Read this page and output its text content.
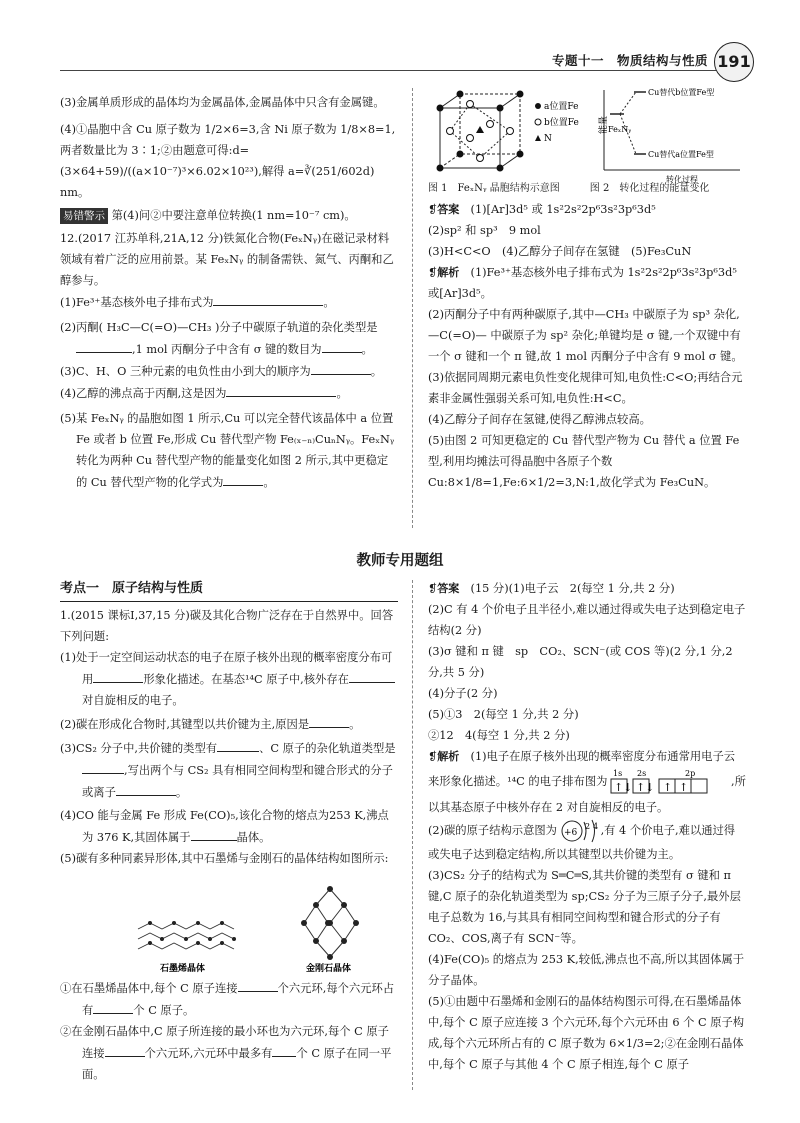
专题十一　物质结构与性质 191

(3)金属单质形成的晶体均为金属晶体,金属晶体中只含有金属键。

(4)①晶胞中含 Cu 原子数为 1/2×6=3,含 Ni 原子数为 1/8×8=1,两者数量比为 3∶1;②由题意可得:d=

(3×64+59)/((a×10⁻⁷)³×6.02×10²³),解得 a=∛(251/602d) nm。

易错警示 第(4)问②中要注意单位转换(1 nm=10⁻⁷ cm)。

12.(2017 江苏单科,21A,12 分)铁氮化合物(FeₓNᵧ)在磁记录材料领域有着广泛的应用前景。某 FeₓNᵧ 的制备需铁、氮气、丙酮和乙醇参与。

(1)Fe³⁺基态核外电子排布式为	。

(2)丙酮( H₃C—C(=O)—CH₃ )分子中碳原子轨道的杂化类型是,1 mol 丙酮分子中含有 σ 键的数目为	。

(3)C、H、O 三种元素的电负性由小到大的顺序为	。

(4)乙醇的沸点高于丙酮,这是因为	。

(5)某 FeₓNᵧ 的晶胞如图 1 所示,Cu 可以完全替代该晶体中 a 位置 Fe 或者 b 位置 Fe,形成 Cu 替代型产物 Fe₍ₓ₋ₙ₎CuₙNᵧ。FeₓNᵧ 转化为两种 Cu 替代型产物的能量变化如图 2 所示,其中更稳定的 Cu 替代型产物的化学式为	。

a位置Fe
b位置Fe
N
能量 FeₓNᵧ
Cu替代b位置Fe型
Cu替代a位置Fe型
转化过程

图 1　FeₓNᵧ 晶胞结构示意图　　　	图 2　转化过程的能量变化

❡答案　 (1)[Ar]3d⁵ 或 1s²2s²2p⁶3s²3p⁶3d⁵

(2)sp² 和 sp³　9 mol

(3)H<C<O　(4)乙醇分子间存在氢键　(5)Fe₃CuN

❡解析　 (1)Fe³⁺基态核外电子排布式为 1s²2s²2p⁶3s²3p⁶3d⁵ 或[Ar]3d⁵。

(2)丙酮分子中有两种碳原子,其中—CH₃ 中碳原子为 sp³ 杂化,—C(=O)— 中碳原子为 sp² 杂化;单键均是 σ 键,一个双键中有一个 σ 键和一个 π 键,故 1 mol 丙酮分子中含有 9 mol σ 键。

(3)依据同周期元素电负性变化规律可知,电负性:C<O;再结合元素非金属性强弱关系可知,电负性:H<C。

(4)乙醇分子间存在氢键,使得乙醇沸点较高。

(5)由图 2 可知更稳定的 Cu 替代型产物为 Cu 替代 a 位置 Fe 型,利用均摊法可得晶胞中各原子个数 Cu:8×1/8=1,Fe:6×1/2=3,N:1,故化学式为 Fe₃CuN。

教师专用题组
考点一　原子结构与性质

1.(2015 课标Ⅰ,37,15 分)碳及其化合物广泛存在于自然界中。回答下列问题:

(1)处于一定空间运动状态的电子在原子核外出现的概率密度分布可用	形象化描述。在基态¹⁴C 原子中,核外存在对自旋相反的电子。

(2)碳在形成化合物时,其键型以共价键为主,原因是	。

(3)CS₂ 分子中,共价键的类型有	、C 原子的杂化轨道类型是,写出两个与 CS₂ 具有相同空间构型和键合形式的分子或离子	。

(4)CO 能与金属 Fe 形成 Fe(CO)₅,该化合物的熔点为253 K,沸点为 376 K,其固体属于	晶体。

(5)碳有多种同素异形体,其中石墨烯与金刚石的晶体结构如图所示:

石墨烯晶体	金刚石晶体

①在石墨烯晶体中,每个 C 原子连接	个六元环,每个六元环占有	个 C 原子。

②在金刚石晶体中,C 原子所连接的最小环也为六元环,每个 C 原子连接	个六元环,六元环中最多有 个 C 原子在同一平面。

❡答案　 (15 分)(1)电子云　2(每空 1 分,共 2 分)

(2)C 有 4 个价电子且半径小,难以通过得或失电子达到稳定电子结构(2 分)

(3)σ 键和 π 键　sp　CO₂、SCN⁻(或 COS 等)(2 分,1 分,2 分,共 5 分)

(4)分子(2 分)

(5)①3　2(每空 1 分,共 2 分)

②12　4(每空 1 分,共 2 分)

❡解析　 (1)电子在原子核外出现的概率密度分布通常用电子云来形象化描述。¹⁴C 的电子排布图为
1s 2s	2p
↑↓ ↑↓ ↑ ↑	,所以其基态原子中核外存在 2 对自旋相反的电子。

(2)碳的原子结构示意图为 +6
2 4 ,有 4 个价电子,难以通过得或失电子达到稳定结构,所以其键型以共价键为主。

(3)CS₂ 分子的结构式为 S═C═S,其共价键的类型有 σ 键和 π 键,C 原子的杂化轨道类型为 sp;CS₂ 分子为三原子分子,最外层电子总数为 16,与其具有相同空间构型和键合形式的分子有 CO₂、COS,离子有 SCN⁻等。

(4)Fe(CO)₅ 的熔点为 253 K,较低,沸点也不高,所以其固体属于分子晶体。

(5)①由题中石墨烯和金刚石的晶体结构图示可得,在石墨烯晶体中,每个 C 原子应连接 3 个六元环,每个六元环由 6 个 C 原子构成,每个六元环所占有的 C 原子数为 6×1/3=2;②在金刚石晶体中,每个 C 原子与其他 4 个 C 原子相连,每个 C 原子
